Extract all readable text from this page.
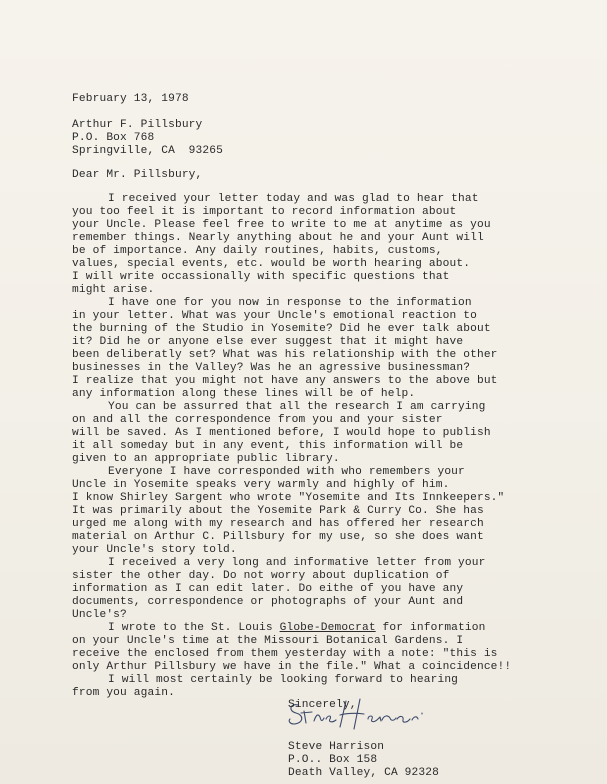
February 13, 1978
Arthur F. Pillsbury
P.O. Box 768
Springville, CA  93265
Dear Mr. Pillsbury,
I received your letter today and was glad to hear that
you too feel it is important to record information about
your Uncle. Please feel free to write to me at anytime as you
remember things. Nearly anything about he and your Aunt will
be of importance. Any daily routines, habits, customs,
values, special events, etc. would be worth hearing about.
I will write occassionally with specific questions that
might arise.
I have one for you now in response to the information
in your letter. What was your Uncle's emotional reaction to
the burning of the Studio in Yosemite? Did he ever talk about
it? Did he or anyone else ever suggest that it might have
been deliberatly set? What was his relationship with the other
businesses in the Valley? Was he an agressive businessman?
I realize that you might not have any answers to the above but
any information along these lines will be of help.
You can be assurred that all the research I am carrying
on and all the correspondence from you and your sister
will be saved. As I mentioned before, I would hope to publish
it all someday but in any event, this information will be
given to an appropriate public library.
Everyone I have corresponded with who remembers your
Uncle in Yosemite speaks very warmly and highly of him.
I know Shirley Sargent who wrote "Yosemite and Its Innkeepers."
It was primarily about the Yosemite Park & Curry Co. She has
urged me along with my research and has offered her research
material on Arthur C. Pillsbury for my use, so she does want
your Uncle's story told.
I received a very long and informative letter from your
sister the other day. Do not worry about duplication of
information as I can edit later. Do eithe of you have any
documents, correspondence or photographs of your Aunt and
Uncle's?
I wrote to the St. Louis Globe-Democrat for information
on your Uncle's time at the Missouri Botanical Gardens. I
receive the enclosed from them yesterday with a note: "this is
only Arthur Pillsbury we have in the file." What a coincidence!!
I will most certainly be looking forward to hearing
from you again.
Sincerely,
Steve Harrison
P.O.. Box 158
Death Valley, CA 92328
